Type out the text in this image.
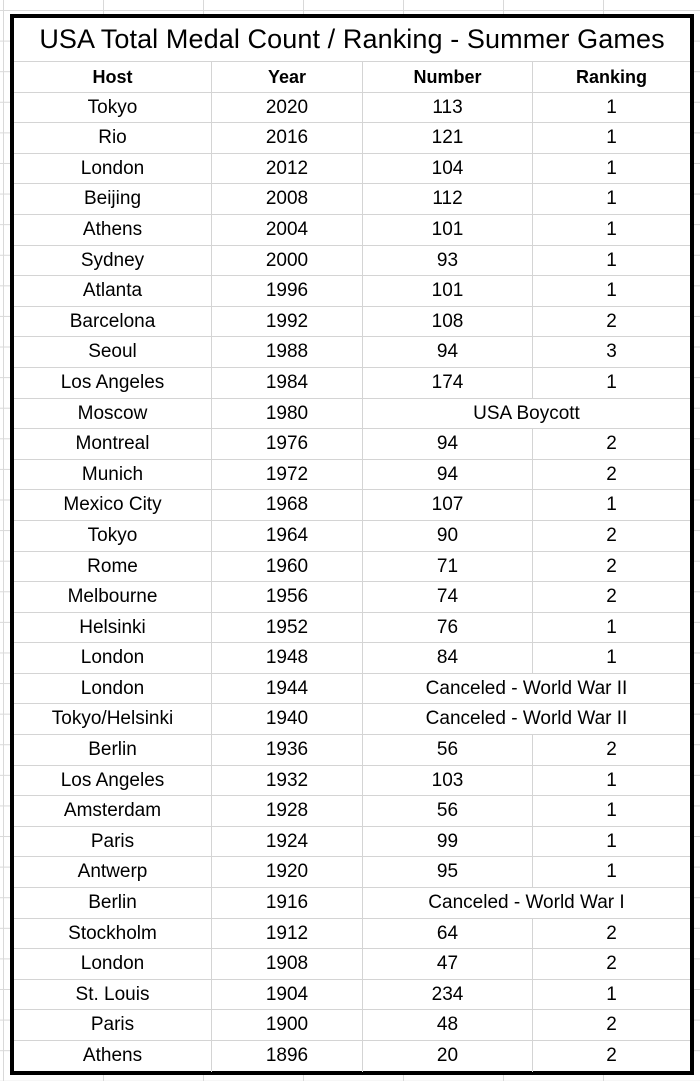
USA Total Medal Count / Ranking - Summer Games
Host	Year	Number	Ranking
Tokyo	2020	113	1
Rio	2016	121	1
London	2012	104	1
Beijing	2008	112	1
Athens	2004	101	1
Sydney	2000	93	1
Atlanta	1996	101	1
Barcelona	1992	108	2
Seoul	1988	94	3
Los Angeles	1984	174	1
Moscow	1980	USA Boycott
Montreal	1976	94	2
Munich	1972	94	2
Mexico City	1968	107	1
Tokyo	1964	90	2
Rome	1960	71	2
Melbourne	1956	74	2
Helsinki	1952	76	1
London	1948	84	1
London	1944	Canceled - World War II
Tokyo/Helsinki	1940	Canceled - World War II
Berlin	1936	56	2
Los Angeles	1932	103	1
Amsterdam	1928	56	1
Paris	1924	99	1
Antwerp	1920	95	1
Berlin	1916	Canceled - World War I
Stockholm	1912	64	2
London	1908	47	2
St. Louis	1904	234	1
Paris	1900	48	2
Athens	1896	20	2
